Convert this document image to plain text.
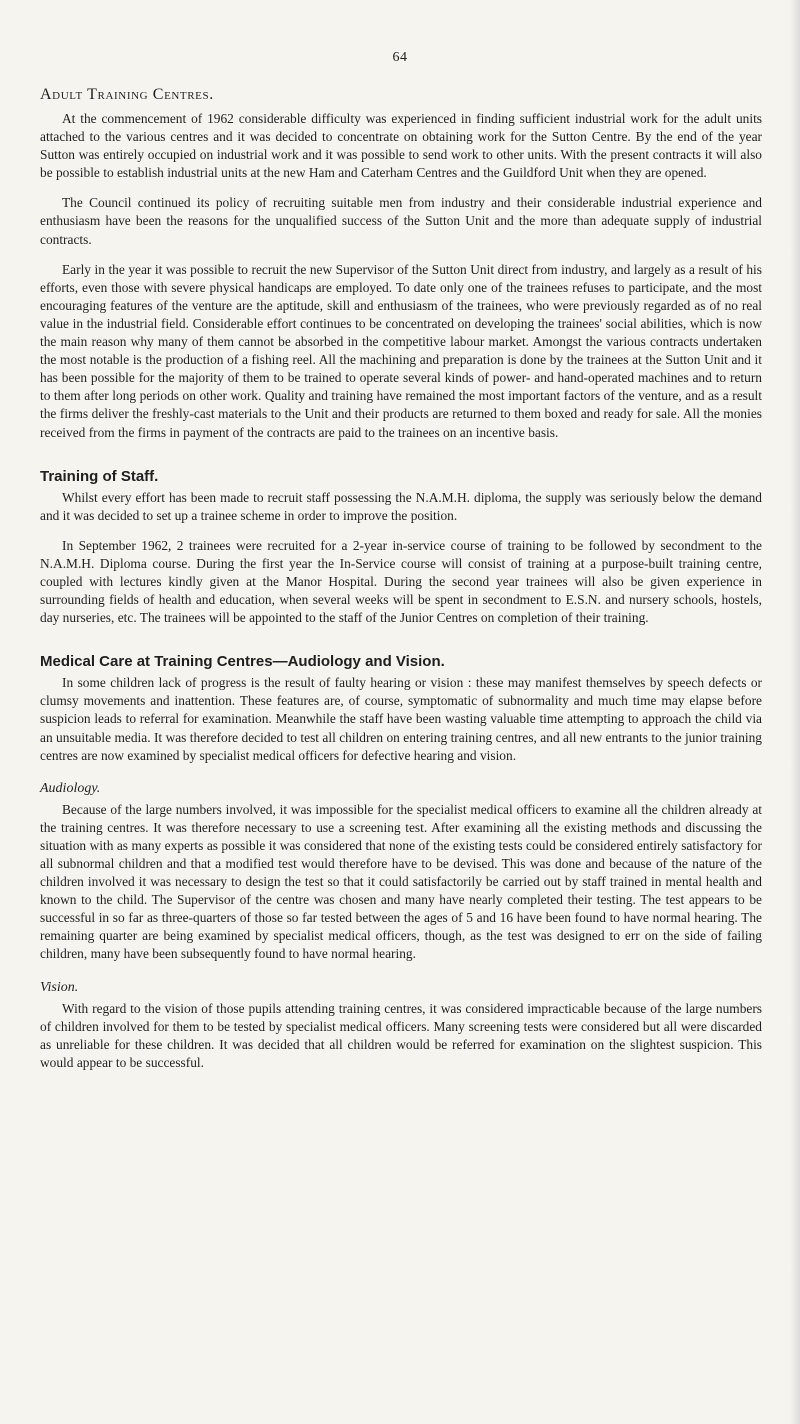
64
Adult Training Centres.

At the commencement of 1962 considerable difficulty was experienced in finding sufficient industrial work for the adult units attached to the various centres and it was decided to concentrate on obtaining work for the Sutton Centre. By the end of the year Sutton was entirely occupied on industrial work and it was possible to send work to other units. With the present contracts it will also be possible to establish industrial units at the new Ham and Caterham Centres and the Guildford Unit when they are opened.

The Council continued its policy of recruiting suitable men from industry and their considerable industrial experience and enthusiasm have been the reasons for the unqualified success of the Sutton Unit and the more than adequate supply of industrial contracts.

Early in the year it was possible to recruit the new Supervisor of the Sutton Unit direct from industry, and largely as a result of his efforts, even those with severe physical handicaps are employed. To date only one of the trainees refuses to participate, and the most encouraging features of the venture are the aptitude, skill and enthusiasm of the trainees, who were previously regarded as of no real value in the industrial field. Considerable effort continues to be concentrated on developing the trainees' social abilities, which is now the main reason why many of them cannot be absorbed in the competitive labour market. Amongst the various contracts undertaken the most notable is the production of a fishing reel. All the machining and preparation is done by the trainees at the Sutton Unit and it has been possible for the majority of them to be trained to operate several kinds of power- and hand-operated machines and to return to them after long periods on other work. Quality and training have remained the most important factors of the venture, and as a result the firms deliver the freshly-cast materials to the Unit and their products are returned to them boxed and ready for sale. All the monies received from the firms in payment of the contracts are paid to the trainees on an incentive basis.

Training of Staff.

Whilst every effort has been made to recruit staff possessing the N.A.M.H. diploma, the supply was seriously below the demand and it was decided to set up a trainee scheme in order to improve the position.

In September 1962, 2 trainees were recruited for a 2-year in-service course of training to be followed by secondment to the N.A.M.H. Diploma course. During the first year the In-Service course will consist of training at a purpose-built training centre, coupled with lectures kindly given at the Manor Hospital. During the second year trainees will also be given experience in surrounding fields of health and education, when several weeks will be spent in secondment to E.S.N. and nursery schools, hostels, day nurseries, etc. The trainees will be appointed to the staff of the Junior Centres on completion of their training.

Medical Care at Training Centres—Audiology and Vision.

In some children lack of progress is the result of faulty hearing or vision : these may manifest themselves by speech defects or clumsy movements and inattention. These features are, of course, symptomatic of subnormality and much time may elapse before suspicion leads to referral for examination. Meanwhile the staff have been wasting valuable time attempting to approach the child via an unsuitable media. It was therefore decided to test all children on entering training centres, and all new entrants to the junior training centres are now examined by specialist medical officers for defective hearing and vision.

Audiology.

Because of the large numbers involved, it was impossible for the specialist medical officers to examine all the children already at the training centres. It was therefore necessary to use a screening test. After examining all the existing methods and discussing the situation with as many experts as possible it was considered that none of the existing tests could be considered entirely satisfactory for all subnormal children and that a modified test would therefore have to be devised. This was done and because of the nature of the children involved it was necessary to design the test so that it could satisfactorily be carried out by staff trained in mental health and known to the child. The Supervisor of the centre was chosen and many have nearly completed their testing. The test appears to be successful in so far as three-quarters of those so far tested between the ages of 5 and 16 have been found to have normal hearing. The remaining quarter are being examined by specialist medical officers, though, as the test was designed to err on the side of failing children, many have been subsequently found to have normal hearing.

Vision.

With regard to the vision of those pupils attending training centres, it was considered impracticable because of the large numbers of children involved for them to be tested by specialist medical officers. Many screening tests were considered but all were discarded as unreliable for these children. It was decided that all children would be referred for examination on the slightest suspicion. This would appear to be successful.
